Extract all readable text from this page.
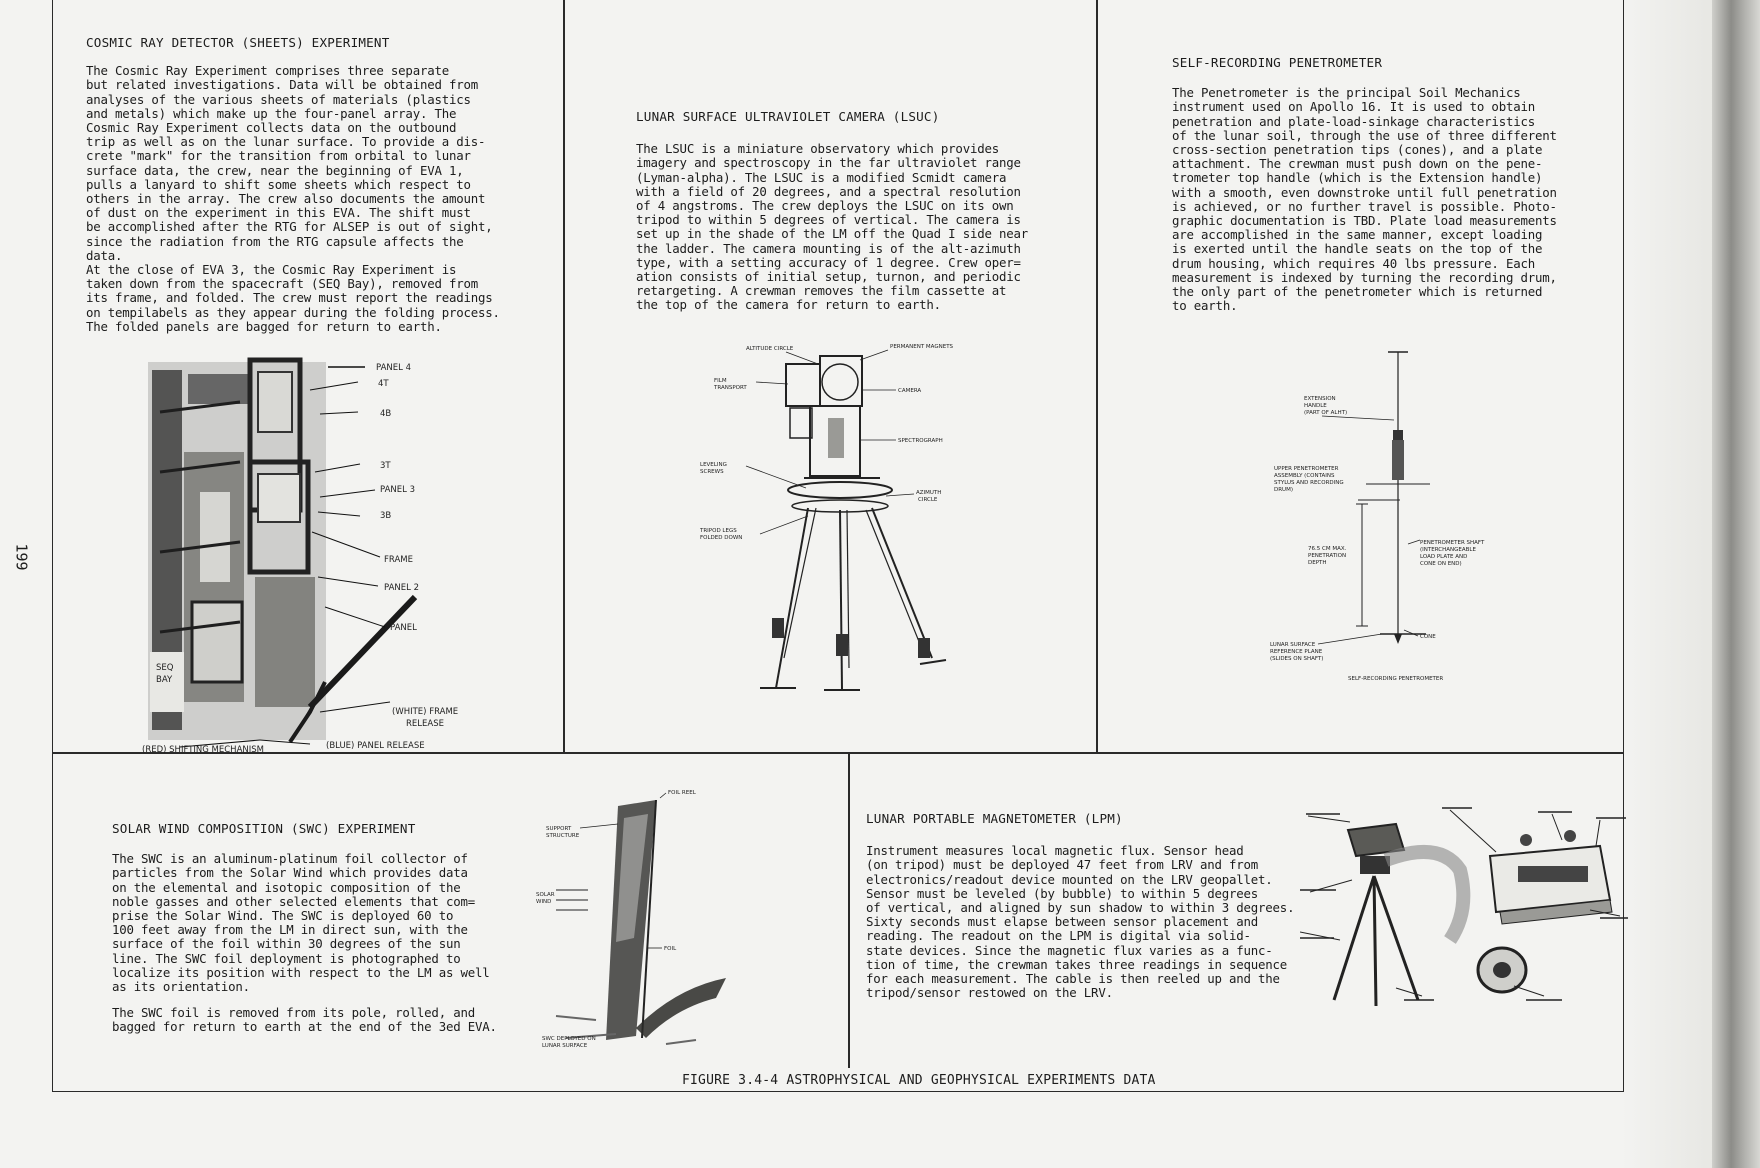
199
COSMIC RAY DETECTOR (SHEETS) EXPERIMENT
The Cosmic Ray Experiment comprises three separate
but related investigations. Data will be obtained from
analyses of the various sheets of materials (plastics
and metals) which make up the four-panel array. The
Cosmic Ray Experiment collects data on the outbound
trip as well as on the lunar surface. To provide a dis-
crete "mark" for the transition from orbital to lunar
surface data, the crew, near the beginning of EVA 1,
pulls a lanyard to shift some sheets which respect to
others in the array. The crew also documents the amount
of dust on the experiment in this EVA. The shift must
be accomplished after the RTG for ALSEP is out of sight,
since the radiation from the RTG capsule affects the
data.
At the close of EVA 3, the Cosmic Ray Experiment is
taken down from the spacecraft (SEQ Bay), removed from
its frame, and folded. The crew must report the readings
on tempilabels as they appear during the folding process.
The folded panels are bagged for return to earth.
PANEL 4
4T
4B
3T
PANEL 3
3B
FRAME
PANEL 2
PANEL
SEQ
BAY
(WHITE) FRAME
RELEASE
(RED) SHIFTING MECHANISM	(BLUE) PANEL RELEASE
LUNAR SURFACE ULTRAVIOLET CAMERA (LSUC)
The LSUC is a miniature observatory which provides
imagery and spectroscopy in the far ultraviolet range
(Lyman-alpha). The LSUC is a modified Scmidt camera
with a field of 20 degrees, and a spectral resolution
of 4 angstroms. The crew deploys the LSUC on its own
tripod to within 5 degrees of vertical. The camera is
set up in the shade of the LM off the Quad I side near
the ladder. The camera mounting is of the alt-azimuth
type, with a setting accuracy of 1 degree. Crew oper=
ation consists of initial setup, turnon, and periodic
retargeting. A crewman removes the film cassette at
the top of the camera for return to earth.
ALTITUDE CIRCLE	PERMANENT MAGNETS
FILM
TRANSPORT	CAMERA
SPECTROGRAPH
LEVELING
SCREWS
AZIMUTH
CIRCLE
TRIPOD LEGS
FOLDED DOWN
SELF-RECORDING PENETROMETER
The Penetrometer is the principal Soil Mechanics
instrument used on Apollo 16. It is used to obtain
penetration and plate-load-sinkage characteristics
of the lunar soil, through the use of three different
cross-section penetration tips (cones), and a plate
attachment. The crewman must push down on the pene-
trometer top handle (which is the Extension handle)
with a smooth, even downstroke until full penetration
is achieved, or no further travel is possible. Photo-
graphic documentation is TBD. Plate load measurements
are accomplished in the same manner, except loading
is exerted until the handle seats on the top of the
drum housing, which requires 40 lbs pressure. Each
measurement is indexed by turning the recording drum,
the only part of the penetrometer which is returned
to earth.
EXTENSION
HANDLE
(PART OF ALHT)
UPPER PENETROMETER
ASSEMBLY (CONTAINS
STYLUS AND RECORDING
DRUM)
76.5 CM MAX.
PENETRATION
DEPTH
PENETROMETER SHAFT
(INTERCHANGEABLE
LOAD PLATE AND
CONE ON END)
CONE
LUNAR SURFACE
REFERENCE PLANE
(SLIDES ON SHAFT)
SELF-RECORDING PENETROMETER
SOLAR WIND COMPOSITION (SWC) EXPERIMENT
The SWC is an aluminum-platinum foil collector of
particles from the Solar Wind which provides data
on the elemental and isotopic composition of the
noble gasses and other selected elements that com=
prise the Solar Wind. The SWC is deployed 60 to
100 feet away from the LM in direct sun, with the
surface of the foil within 30 degrees of the sun
line. The SWC foil deployment is photographed to
localize its position with respect to the LM as well
as its orientation.
The SWC foil is removed from its pole, rolled, and
bagged for return to earth at the end of the 3ed EVA.
FOIL REEL
SUPPORT
STRUCTURE
FOIL
SOLAR
WIND
SWC DEPLOYED ON
LUNAR SURFACE
LUNAR PORTABLE MAGNETOMETER (LPM)
Instrument measures local magnetic flux. Sensor head
(on tripod) must be deployed 47 feet from LRV and from
electronics/readout device mounted on the LRV geopallet.
Sensor must be leveled (by bubble) to within 5 degrees
of vertical, and aligned by sun shadow to within 3 degrees.
Sixty seconds must elapse between sensor placement and
reading. The readout on the LPM is digital via solid-
state devices. Since the magnetic flux varies as a func-
tion of time, the crewman takes three readings in sequence
for each measurement. The cable is then reeled up and the
tripod/sensor restowed on the LRV.
FIGURE 3.4-4 ASTROPHYSICAL AND GEOPHYSICAL EXPERIMENTS DATA
